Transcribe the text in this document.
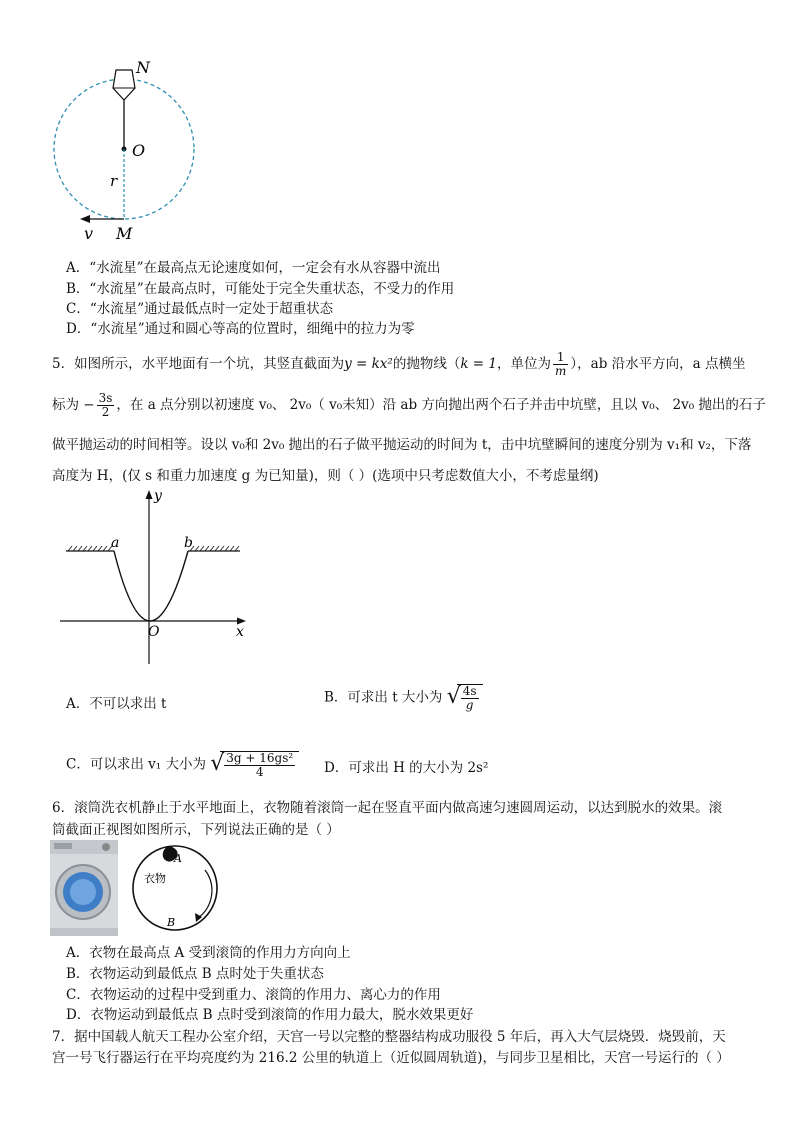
N
O
r
v M
A．“水流星”在最高点无论速度如何，一定会有水从容器中流出
B．“水流星”在最高点时，可能处于完全失重状态，不受力的作用
C．“水流星”通过最低点时一定处于超重状态
D．“水流星”通过和圆心等高的位置时，细绳中的拉力为零
5．如图所示，水平地面有一个坑，其竖直截面为y = kx²的抛物线（k = 1，单位为 $\frac{1}{m}$ ），ab 沿水平方向，a 点横坐
标为 − $\frac{3s}{2}$ ，在 a 点分别以初速度 v₀、 2v₀（ v₀未知）沿 ab 方向抛出两个石子并击中坑壁，且以 v₀、 2v₀ 抛出的石子
做平抛运动的时间相等。设以 v₀和 2v₀ 抛出的石子做平抛运动的时间为 t，击中坑壁瞬间的速度分别为 v₁和 v₂，下落
高度为 H，(仅 s 和重力加速度 g 为已知量)，则（ ）(选项中只考虑数值大小，不考虑量纲)
a	b
y
x
O
A．不可以求出 t	B．可求出 t 大小为 √ $\frac{4s}{g}$
C．可以求出 v₁ 大小为 √ $\frac{\text{3g + 16gs²}}{4}$ D．可求出 H 的大小为 2s²
6．滚筒洗衣机静止于水平地面上，衣物随着滚筒一起在竖直平面内做高速匀速圆周运动，以达到脱水的效果。滚
筒截面正视图如图所示，下列说法正确的是（ ）
A
衣物
B
A．衣物在最高点 A 受到滚筒的作用力方向向上
B．衣物运动到最低点 B 点时处于失重状态
C．衣物运动的过程中受到重力、滚筒的作用力、离心力的作用
D．衣物运动到最低点 B 点时受到滚筒的作用力最大，脱水效果更好
7．据中国载人航天工程办公室介绍，天宫一号以完整的整器结构成功服役 5 年后，再入大气层烧毁．烧毁前，天
宫一号飞行器运行在平均亮度约为 216.2 公里的轨道上（近似圆周轨道)，与同步卫星相比，天宫一号运行的（ ）
